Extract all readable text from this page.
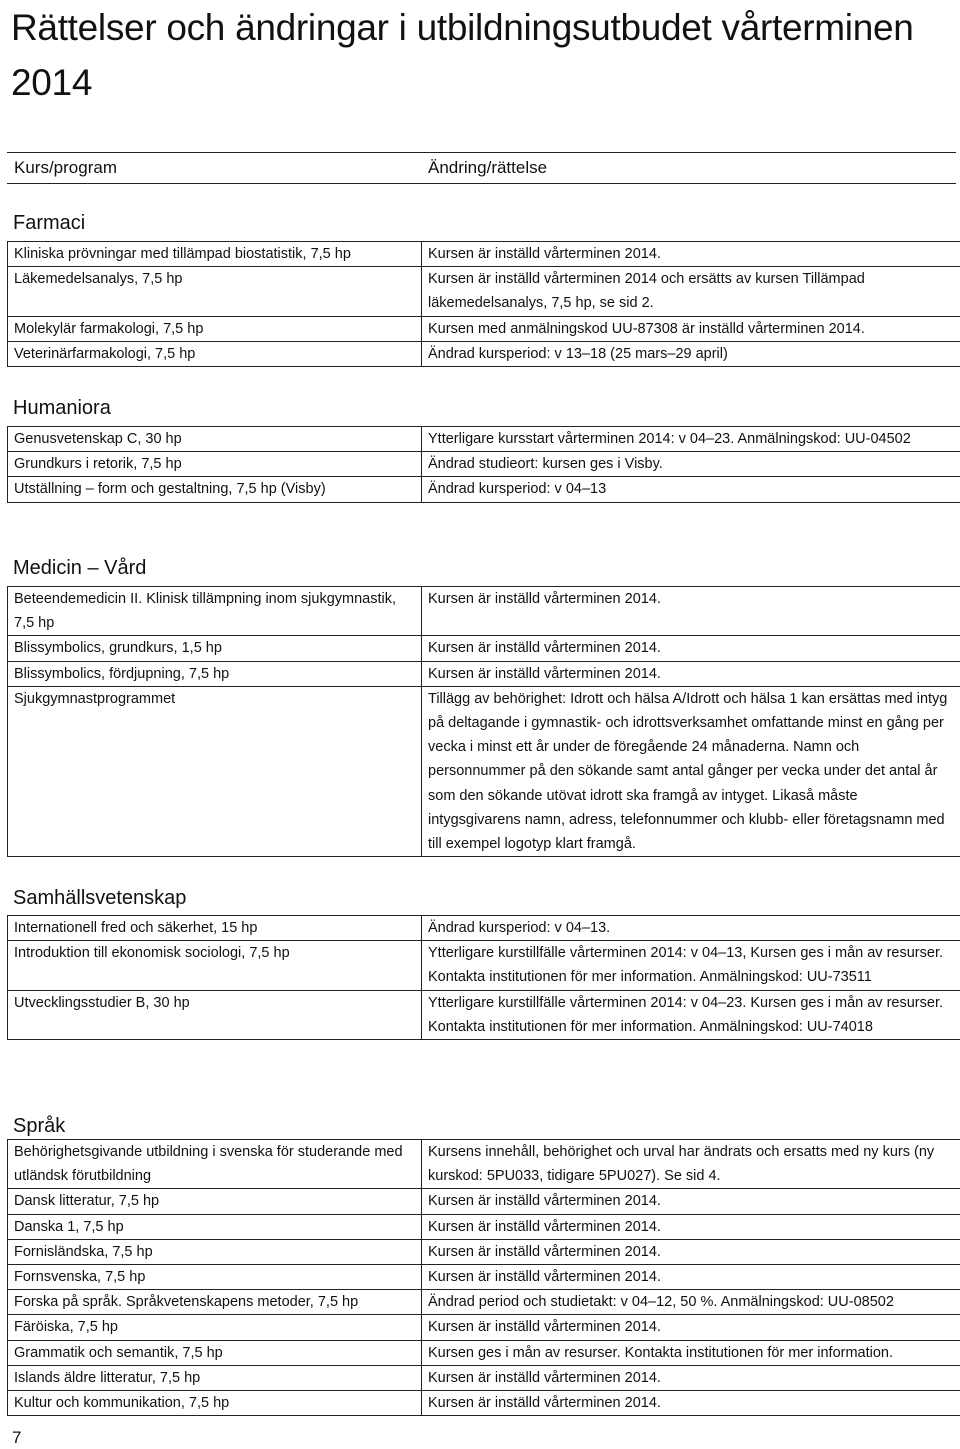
Rättelser och ändringar i utbildningsutbudet vårterminen 2014
Kurs/program	Ändring/rättelse
Farmaci
Kliniska prövningar med tillämpad biostatistik, 7,5 hp	Kursen är inställd vårterminen 2014.
Läkemedelsanalys, 7,5 hp	Kursen är inställd vårterminen 2014 och ersätts av kursen Tillämpad läkemedelsanalys, 7,5 hp, se sid 2.
Molekylär farmakologi, 7,5 hp	Kursen med anmälningskod UU-87308 är inställd vårterminen 2014.
Veterinärfarmakologi, 7,5 hp	Ändrad kursperiod: v 13–18 (25 mars–29 april)
Humaniora
Genusvetenskap C, 30 hp	Ytterligare kursstart vårterminen 2014: v 04–23. Anmälningskod: UU-04502
Grundkurs i retorik, 7,5 hp	Ändrad studieort: kursen ges i Visby.
Utställning – form och gestaltning, 7,5 hp (Visby)	Ändrad kursperiod: v 04–13
Medicin – Vård
Beteendemedicin II. Klinisk tillämpning inom sjukgymnastik, 7,5 hp	Kursen är inställd vårterminen 2014.
Blissymbolics, grundkurs, 1,5 hp	Kursen är inställd vårterminen 2014.
Blissymbolics, fördjupning, 7,5 hp	Kursen är inställd vårterminen 2014.
Sjukgymnastprogrammet	Tillägg av behörighet: Idrott och hälsa A/Idrott och hälsa 1 kan ersättas med intyg på deltagande i gymnastik- och idrottsverksamhet omfattande minst en gång per vecka i minst ett år under de föregående 24 månaderna. Namn och personnummer på den sökande samt antal gånger per vecka under det antal år som den sökande utövat idrott ska framgå av intyget. Likaså måste intygsgivarens namn, adress, telefonnummer och klubb- eller företagsnamn med till exempel logotyp klart framgå.
Samhällsvetenskap
Internationell fred och säkerhet, 15 hp	Ändrad kursperiod: v 04–13.
Introduktion till ekonomisk sociologi, 7,5 hp	Ytterligare kurstillfälle vårterminen 2014: v 04–13, Kursen ges i mån av resurser. Kontakta institutionen för mer information. Anmälningskod: UU-73511
Utvecklingsstudier B, 30 hp	Ytterligare kurstillfälle vårterminen 2014: v 04–23. Kursen ges i mån av resurser. Kontakta institutionen för mer information. Anmälningskod: UU-74018
Språk
Behörighetsgivande utbildning i svenska för studerande med utländsk förutbildning	Kursens innehåll, behörighet och urval har ändrats och ersatts med ny kurs (ny kurskod: 5PU033, tidigare 5PU027). Se sid 4.
Dansk litteratur, 7,5 hp	Kursen är inställd vårterminen 2014.
Danska 1, 7,5 hp	Kursen är inställd vårterminen 2014.
Fornisländska, 7,5 hp	Kursen är inställd vårterminen 2014.
Fornsvenska, 7,5 hp	Kursen är inställd vårterminen 2014.
Forska på språk. Språkvetenskapens metoder, 7,5 hp	Ändrad period och studietakt: v 04–12, 50 %. Anmälningskod: UU-08502
Färöiska, 7,5 hp	Kursen är inställd vårterminen 2014.
Grammatik och semantik, 7,5 hp	Kursen ges i mån av resurser. Kontakta institutionen för mer information.
Islands äldre litteratur, 7,5 hp	Kursen är inställd vårterminen 2014.
Kultur och kommunikation, 7,5 hp	Kursen är inställd vårterminen 2014.
7
